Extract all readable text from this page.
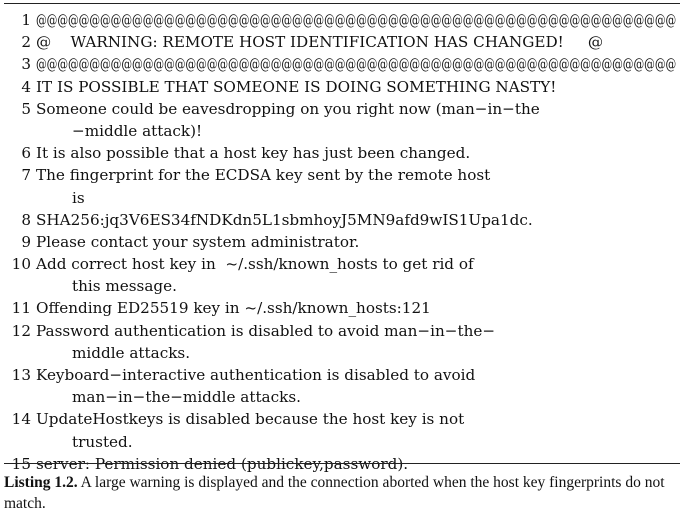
1 @@@@@@@@@@@@@@@@@@@@@@@@@@@@@@@@@@@@@@@@@@@@@@@@@@@@@@@@@@@@
2 @    WARNING: REMOTE HOST IDENTIFICATION HAS CHANGED!     @
3 @@@@@@@@@@@@@@@@@@@@@@@@@@@@@@@@@@@@@@@@@@@@@@@@@@@@@@@@@@@@
4 IT IS POSSIBLE THAT SOMEONE IS DOING SOMETHING NASTY!
5 Someone could be eavesdropping on you right now (man−in−the
−middle attack)!
6 It is also possible that a host key has just been changed.
7 The fingerprint for the ECDSA key sent by the remote host
is
8 SHA256:jq3V6ES34fNDKdn5L1sbmhoyJ5MN9afd9wIS1Upa1dc.
9 Please contact your system administrator.
10 Add correct host key in  ~/.ssh/known_hosts to get rid of
this message.
11 Offending ED25519 key in ~/.ssh/known_hosts:121
12 Password authentication is disabled to avoid man−in−the−
middle attacks.
13 Keyboard−interactive authentication is disabled to avoid
man−in−the−middle attacks.
14 UpdateHostkeys is disabled because the host key is not
trusted.
15 server: Permission denied (publickey,password).
Listing 1.2. A large warning is displayed and the connection aborted when the host key fingerprints do not match.
